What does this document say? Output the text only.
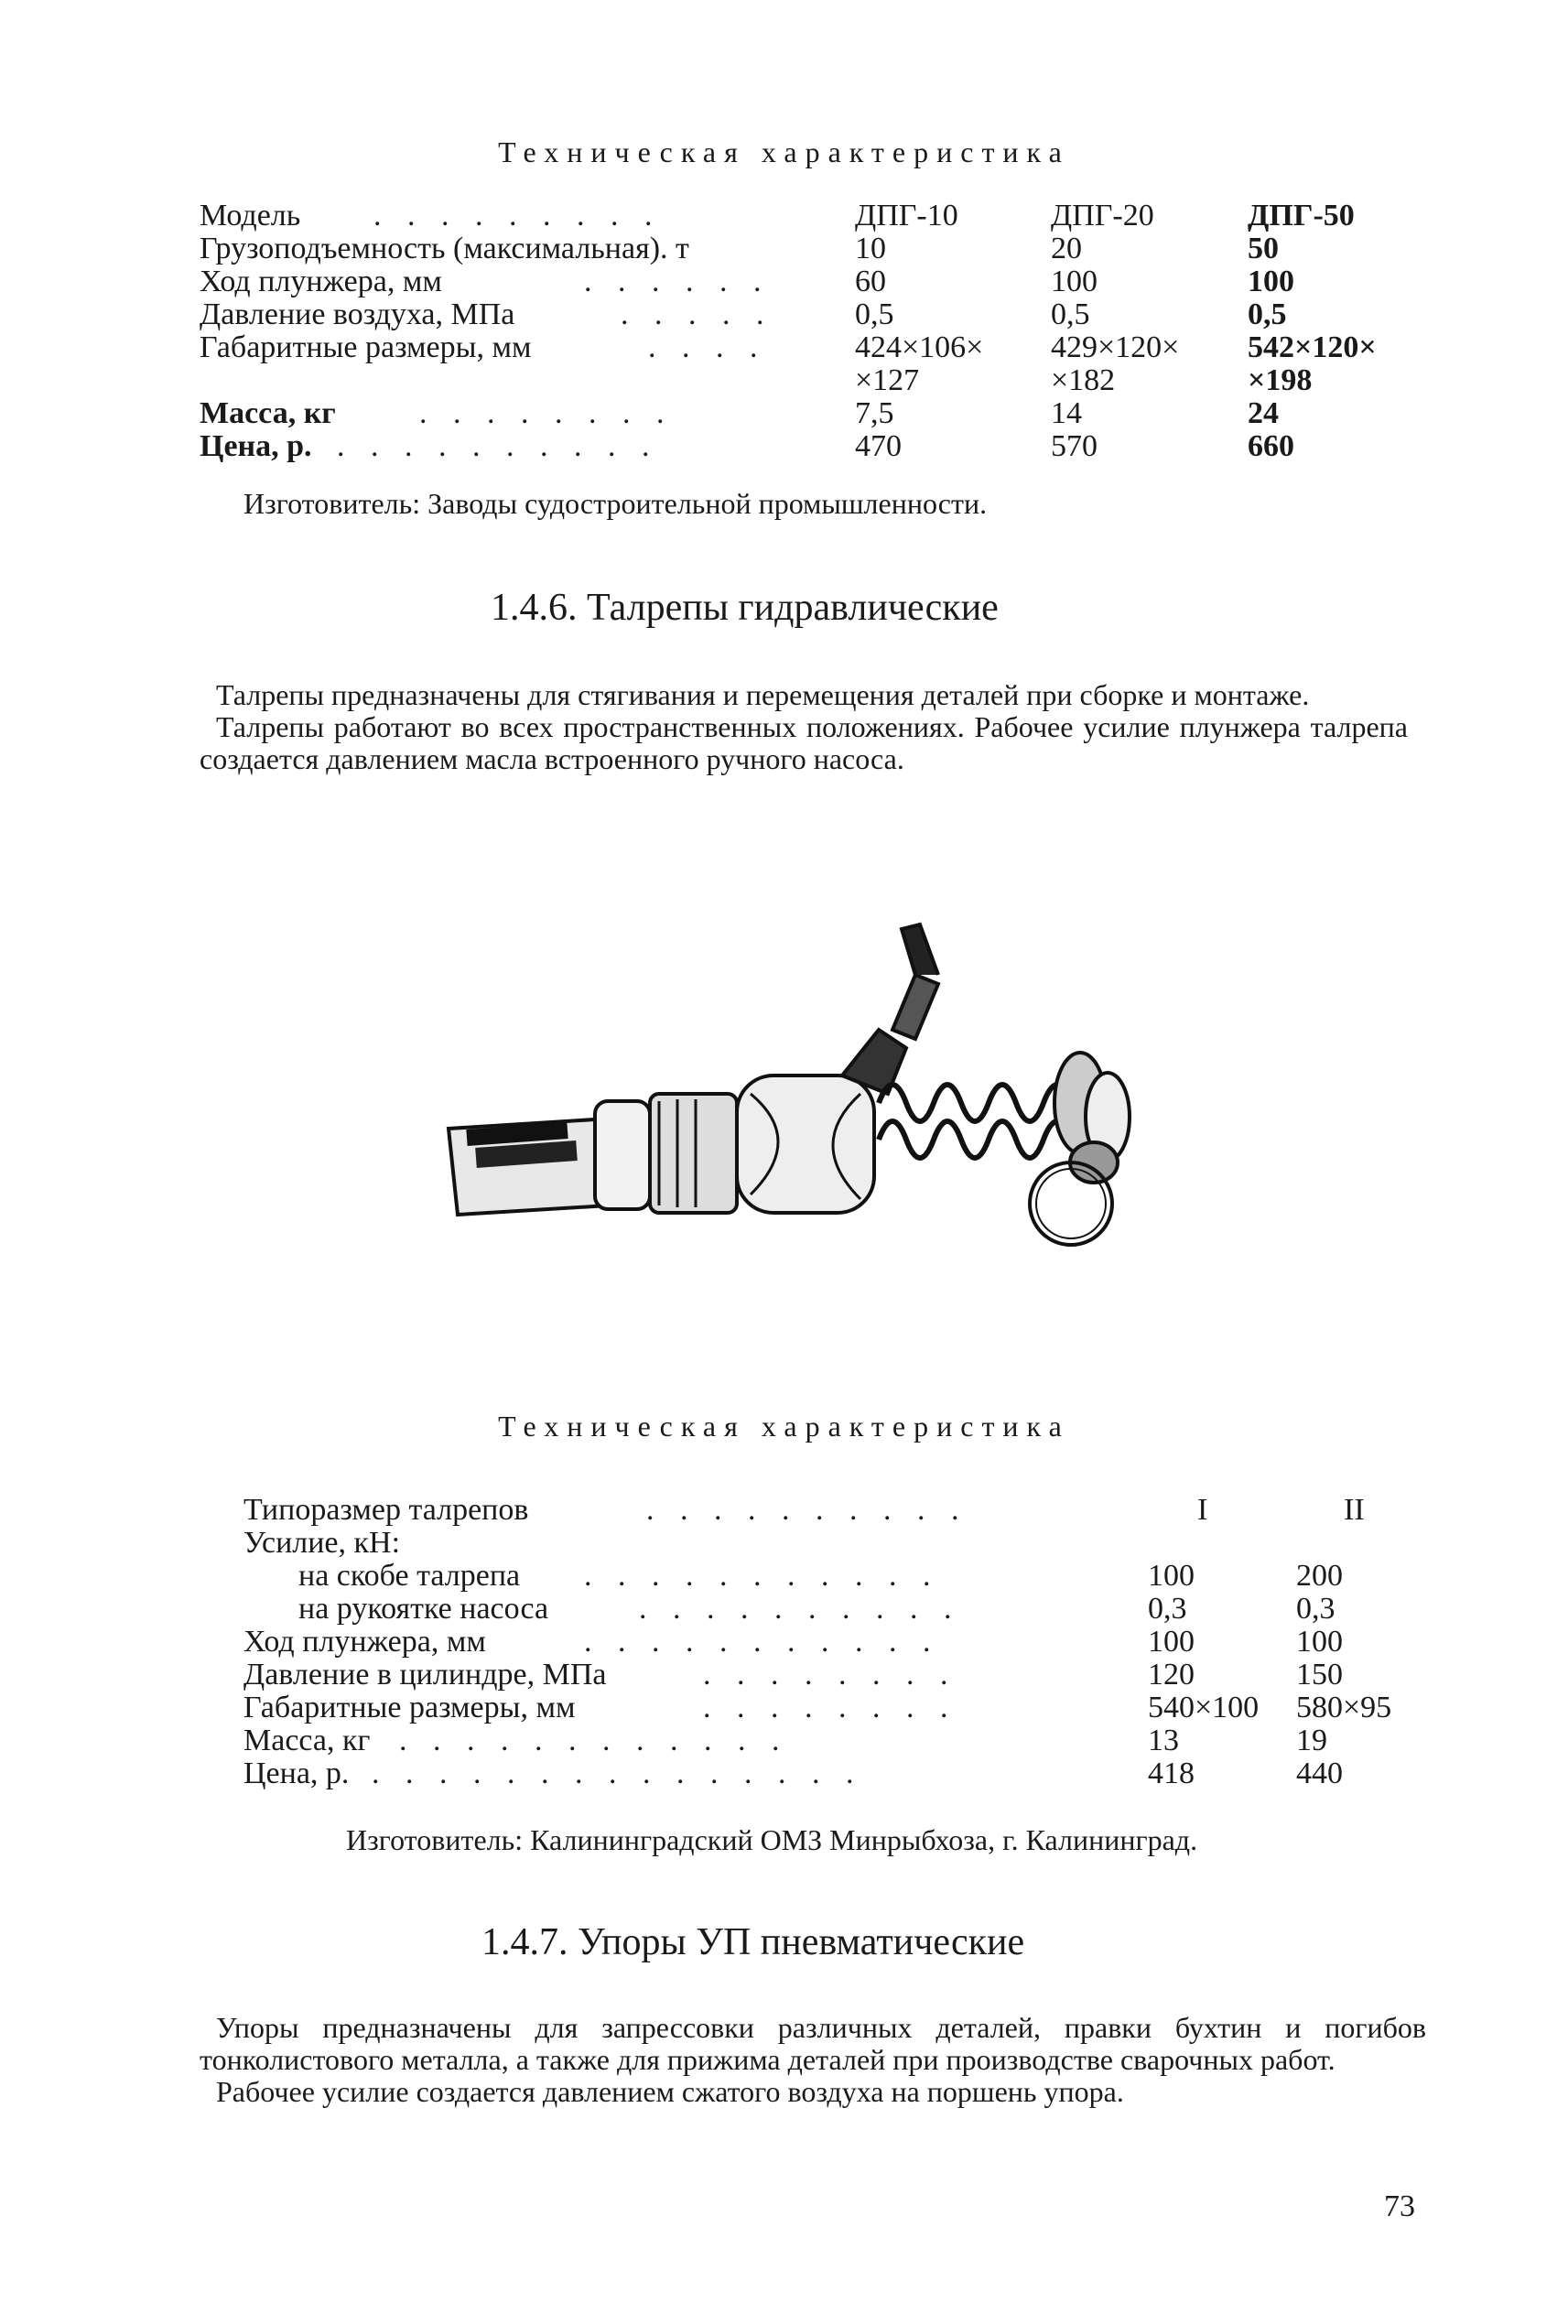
Техническая характеристика
Модель . . . . . . . . .	ДПГ-10	ДПГ-20	ДПГ-50
Грузоподъемность (максимальная). т	10	20	50
Ход плунжера, мм	. . . . . .	60	100	100
Давление воздуха, МПа	. . . . .	0,5	0,5	0,5
Габаритные размеры, мм	. . . .	424×106× 429×120× 542×120×
×127	×182	×198
Масса, кг	. . . . . . . .	7,5	14	24
Цена, р. . . . . . . . . . .	470	570	660
Изготовитель: Заводы судостроительной промышленности.
1.4.6. Талрепы гидравлические

Талрепы предназначены для стягивания и перемещения деталей при сборке и монтаже.

Талрепы работают во всех пространственных положениях. Рабочее усилие плунжера талрепа создается давлением масла встроенного ручного насоса.

Техническая характеристика
Типоразмер талрепов	. . . . . . . . . .	I	II
Усилие, кН:
на скобе талрепа . . . . . . . . . . .	100	200
на рукоятке насоса	. . . . . . . . . .	0,3	0,3
Ход плунжера, мм	. . . . . . . . . . .	100	100
Давление в цилиндре, МПа	. . . . . . . .	120	150
Габаритные размеры, мм	. . . . . . . .	540×100 580×95
Масса, кг . . . . . . . . . . . .	13	19
Цена, р. . . . . . . . . . . . . . . .	418	440
Изготовитель: Калининградский ОМЗ Минрыбхоза, г. Калининград.
1.4.7. Упоры УП пневматические

Упоры предназначены для запрессовки различных деталей, правки бухтин и погибов тонколистового металла, а также для прижима деталей при производстве сварочных работ.

Рабочее усилие создается давлением сжатого воздуха на поршень упора.

73
